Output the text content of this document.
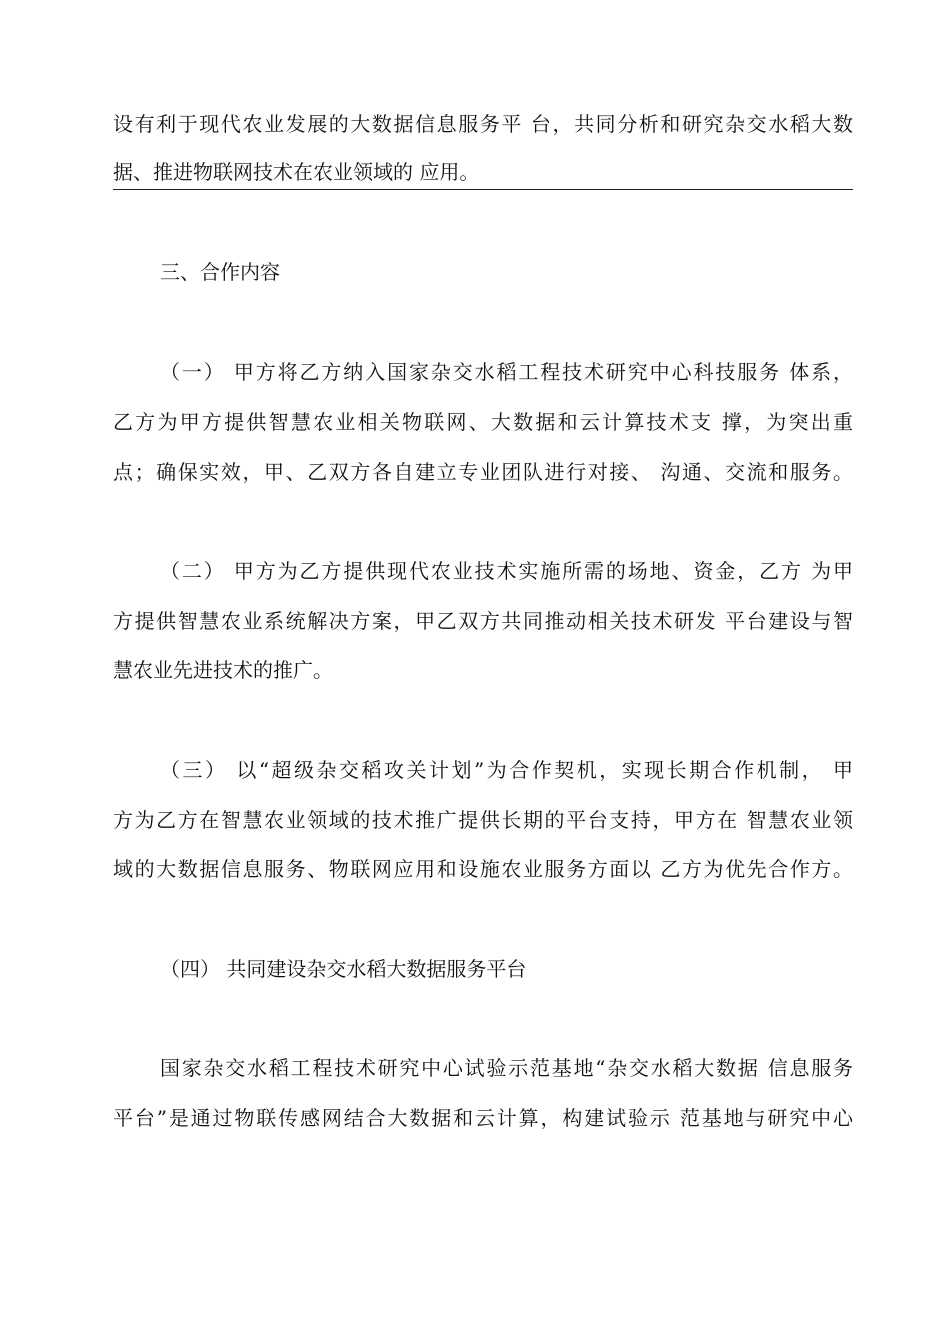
设有利于现代农业发展的大数据信息服务平 台，共同分析和研究杂交水稻大数
据、推进物联网技术在农业领域的 应用。
三、合作内容
（一） 甲方将乙方纳入国家杂交水稻工程技术研究中心科技服务 体系，
乙方为甲方提供智慧农业相关物联网、大数据和云计算技术支 撑，为突出重
点；确保实效，甲、乙双方各自建立专业团队进行对接、 沟通、交流和服务。
（二） 甲方为乙方提供现代农业技术实施所需的场地、资金，乙方 为甲
方提供智慧农业系统解决方案，甲乙双方共同推动相关技术研发 平台建设与智
慧农业先进技术的推广。
（三） 以“超级杂交稻攻关计划”为合作契机，实现长期合作机制， 甲
方为乙方在智慧农业领域的技术推广提供长期的平台支持，甲方在 智慧农业领
域的大数据信息服务、物联网应用和设施农业服务方面以 乙方为优先合作方。
（四） 共同建设杂交水稻大数据服务平台
国家杂交水稻工程技术研究中心试验示范基地“杂交水稻大数据 信息服务
平台”是通过物联传感网结合大数据和云计算，构建试验示 范基地与研究中心
